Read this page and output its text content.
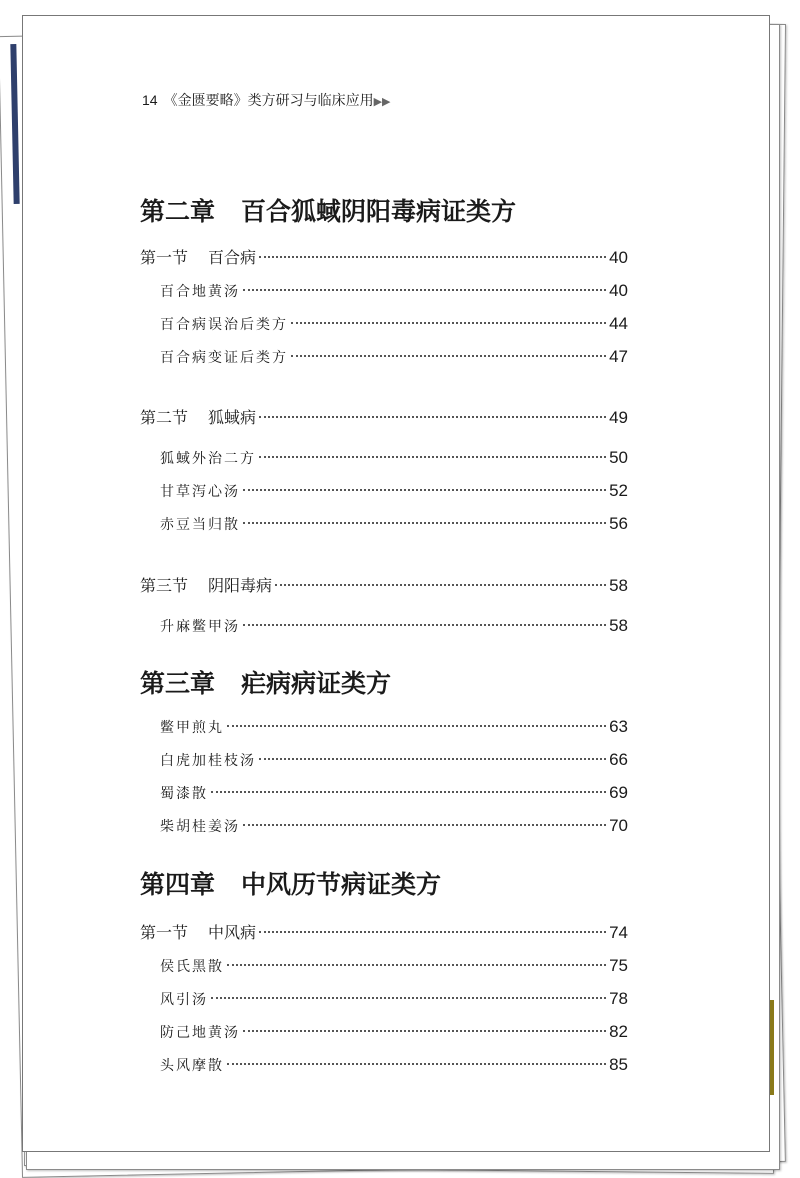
14 《金匮要略》类方研习与临床应用▶▶
第二章 百合狐蜮阴阳毒病证类方
第一节 百合病	40
百合地黄汤	40
百合病误治后类方	44
百合病变证后类方	47
第二节 狐蜮病	49
狐蜮外治二方	50
甘草泻心汤	52
赤豆当归散	56
第三节 阴阳毒病	58
升麻鳖甲汤	58
第三章 疟病病证类方
鳖甲煎丸	63
白虎加桂枝汤	66
蜀漆散	69
柴胡桂姜汤	70
第四章 中风历节病证类方
第一节 中风病	74
侯氏黑散	75
风引汤	78
防己地黄汤	82
头风摩散	85
